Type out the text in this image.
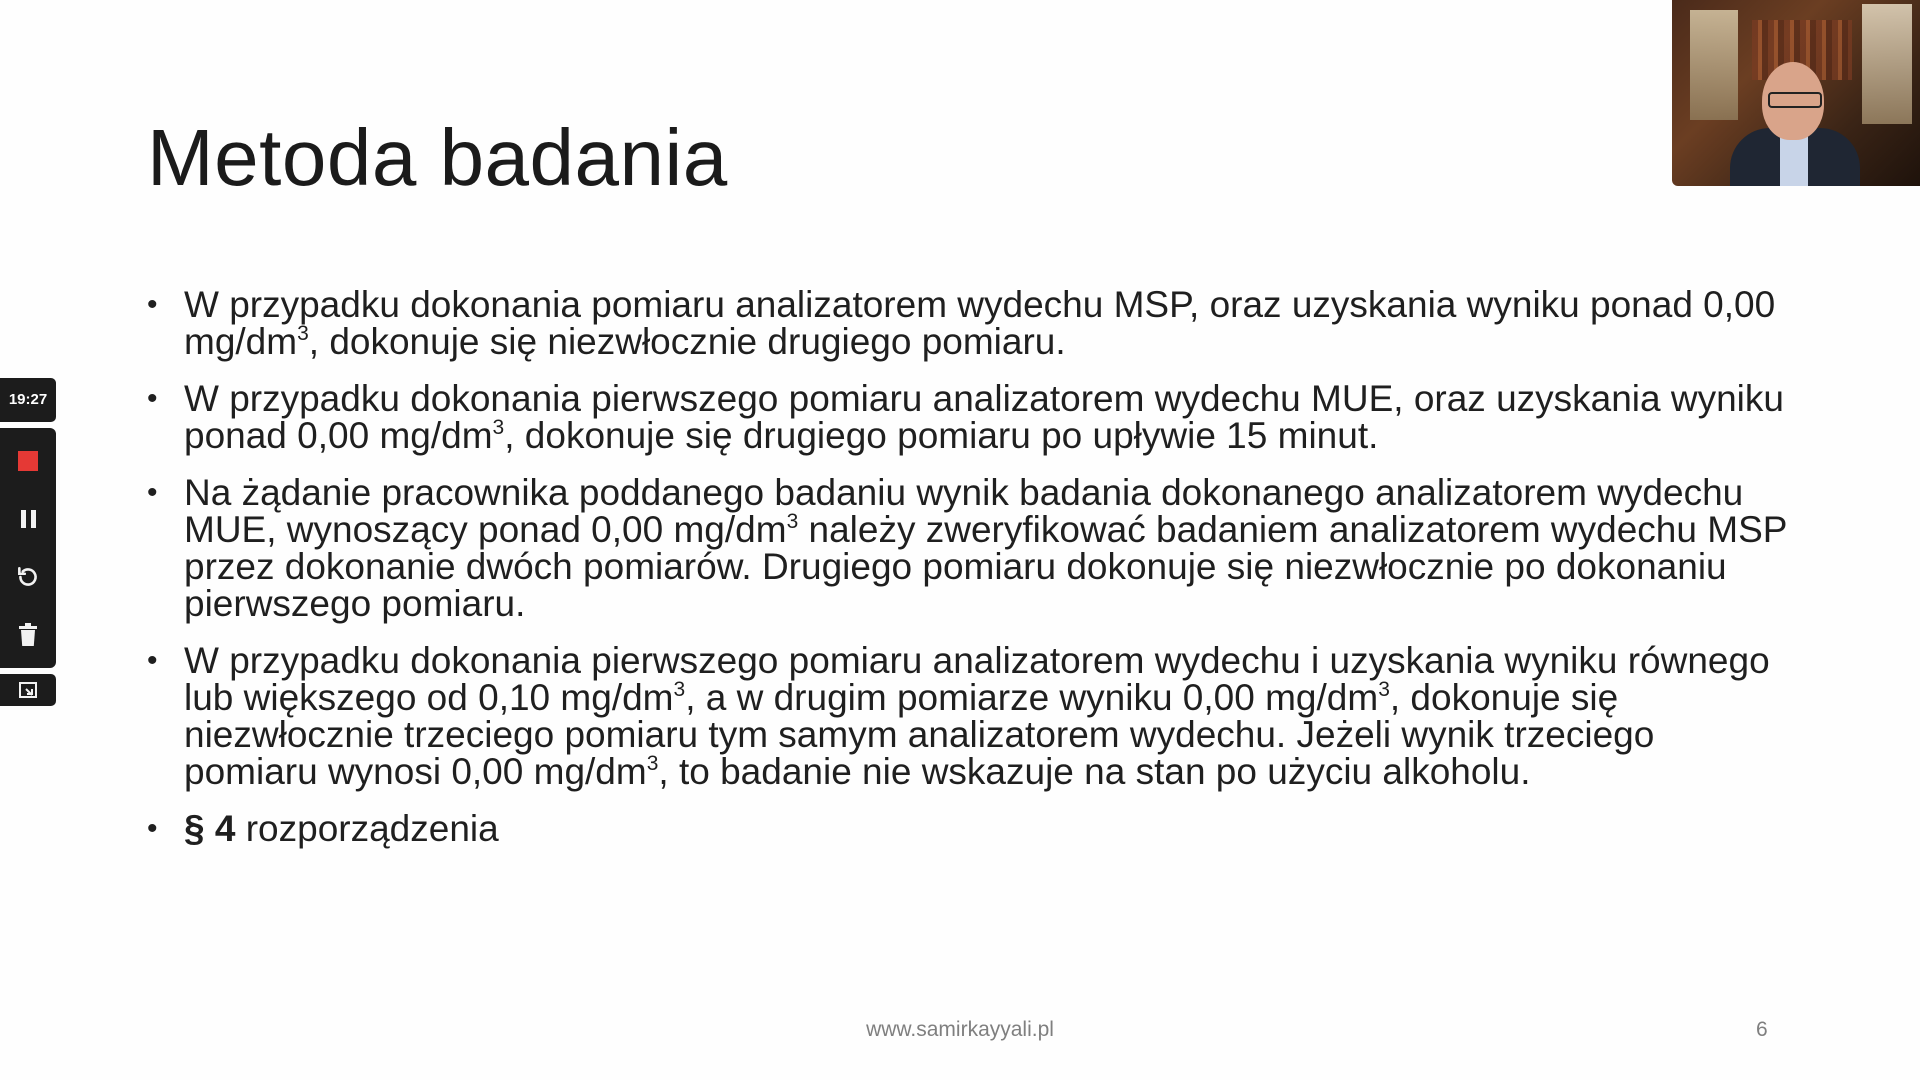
Metoda badania
• W przypadku dokonania pomiaru analizatorem wydechu MSP, oraz uzyskania wyniku ponad 0,00 $mg/dm^3$, dokonuje się niezwłocznie drugiego pomiaru.
• W przypadku dokonania pierwszego pomiaru analizatorem wydechu MUE, oraz uzyskania wyniku ponad 0,00 $mg/dm^3$, dokonuje się drugiego pomiaru po upływie 15 minut.
• Na żądanie pracownika poddanego badaniu wynik badania dokonanego analizatorem wydechu MUE, wynoszący ponad 0,00 $mg/dm^3$ należy zweryfikować badaniem analizatorem wydechu MSP przez dokonanie dwóch pomiarów. Drugiego pomiaru dokonuje się niezwłocznie po dokonaniu pierwszego pomiaru.
• W przypadku dokonania pierwszego pomiaru analizatorem wydechu i uzyskania wyniku równego lub większego od 0,10 $mg/dm^3$, a w drugim pomiarze wyniku 0,00 $mg/dm^3$, dokonuje się niezwłocznie trzeciego pomiaru tym samym analizatorem wydechu. Jeżeli wynik trzeciego pomiaru wynosi 0,00 $mg/dm^3$, to badanie nie wskazuje na stan po użyciu alkoholu.
• § 4 rozporządzenia
www.samirkayyali.pl	6
19:27
